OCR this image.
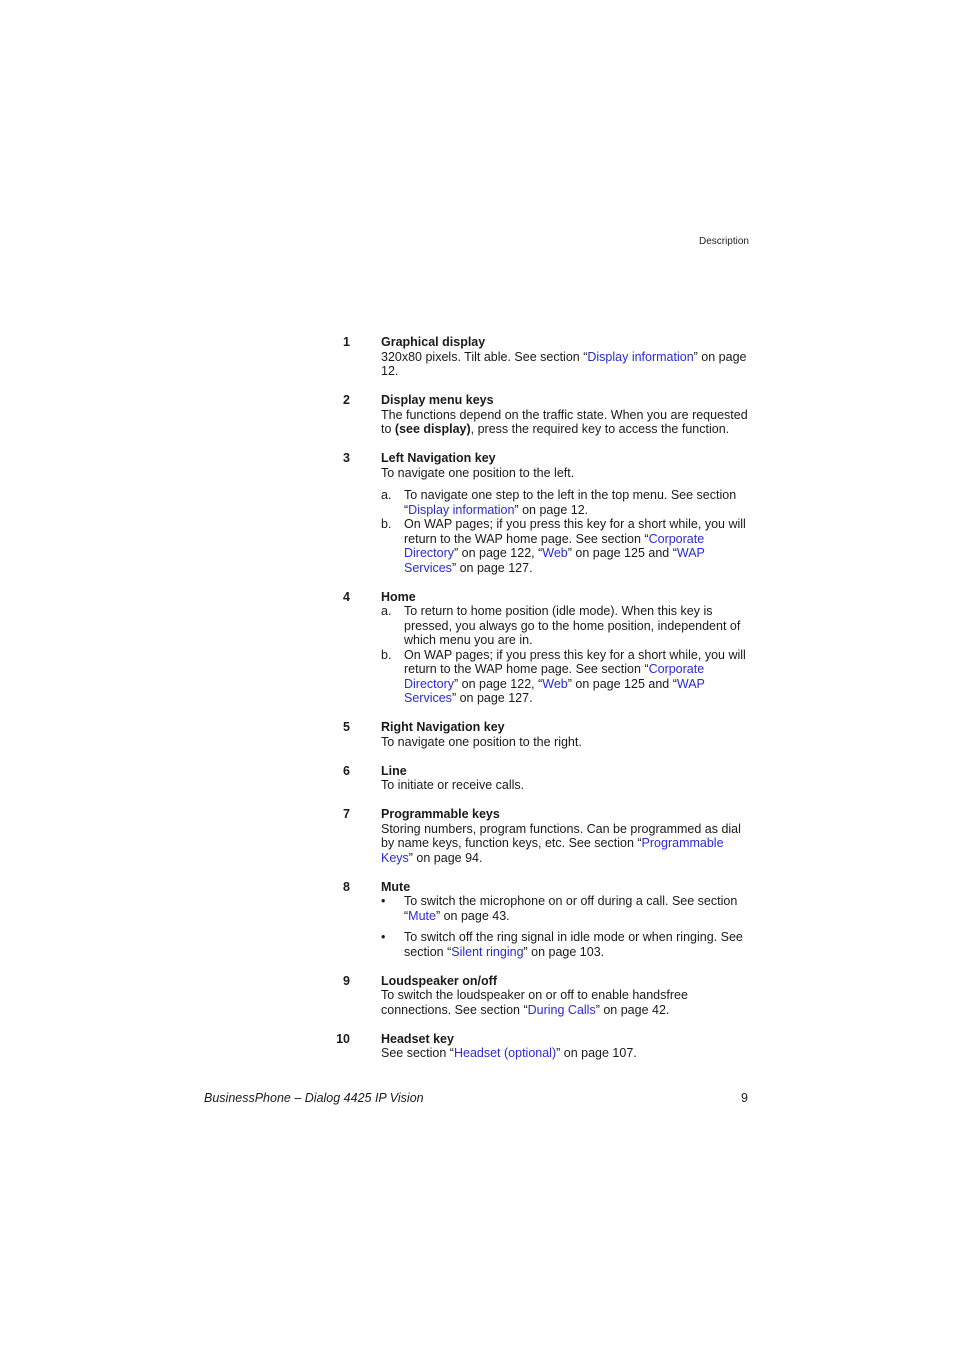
Description
1 Graphical display
320x80 pixels. Tilt able. See section “Display information” on page 12.
2 Display menu keys
The functions depend on the traffic state. When you are requested to (see display), press the required key to access the function.
3 Left Navigation key
To navigate one position to the left.
a.	To navigate one step to the left in the top menu. See section “Display information” on page 12.
b.	On WAP pages; if you press this key for a short while, you will return to the WAP home page. See section “Corporate Directory” on page 122, “Web” on page 125 and “WAP Services” on page 127.
4 Home
a.	To return to home position (idle mode). When this key is pressed, you always go to the home position, independent of which menu you are in.
b.	On WAP pages; if you press this key for a short while, you will return to the WAP home page. See section “Corporate Directory” on page 122, “Web” on page 125 and “WAP Services” on page 127.
5 Right Navigation key
To navigate one position to the right.
6 Line
To initiate or receive calls.
7 Programmable keys
Storing numbers, program functions. Can be programmed as dial by name keys, function keys, etc. See section “Programmable Keys” on page 94.
8 Mute
•	To switch the microphone on or off during a call. See section “Mute” on page 43.
•	To switch off the ring signal in idle mode or when ringing. See section “Silent ringing” on page 103.
9 Loudspeaker on/off
To switch the loudspeaker on or off to enable handsfree connections. See section “During Calls” on page 42.
10 Headset key
See section “Headset (optional)” on page 107.
BusinessPhone – Dialog 4425 IP Vision	9
